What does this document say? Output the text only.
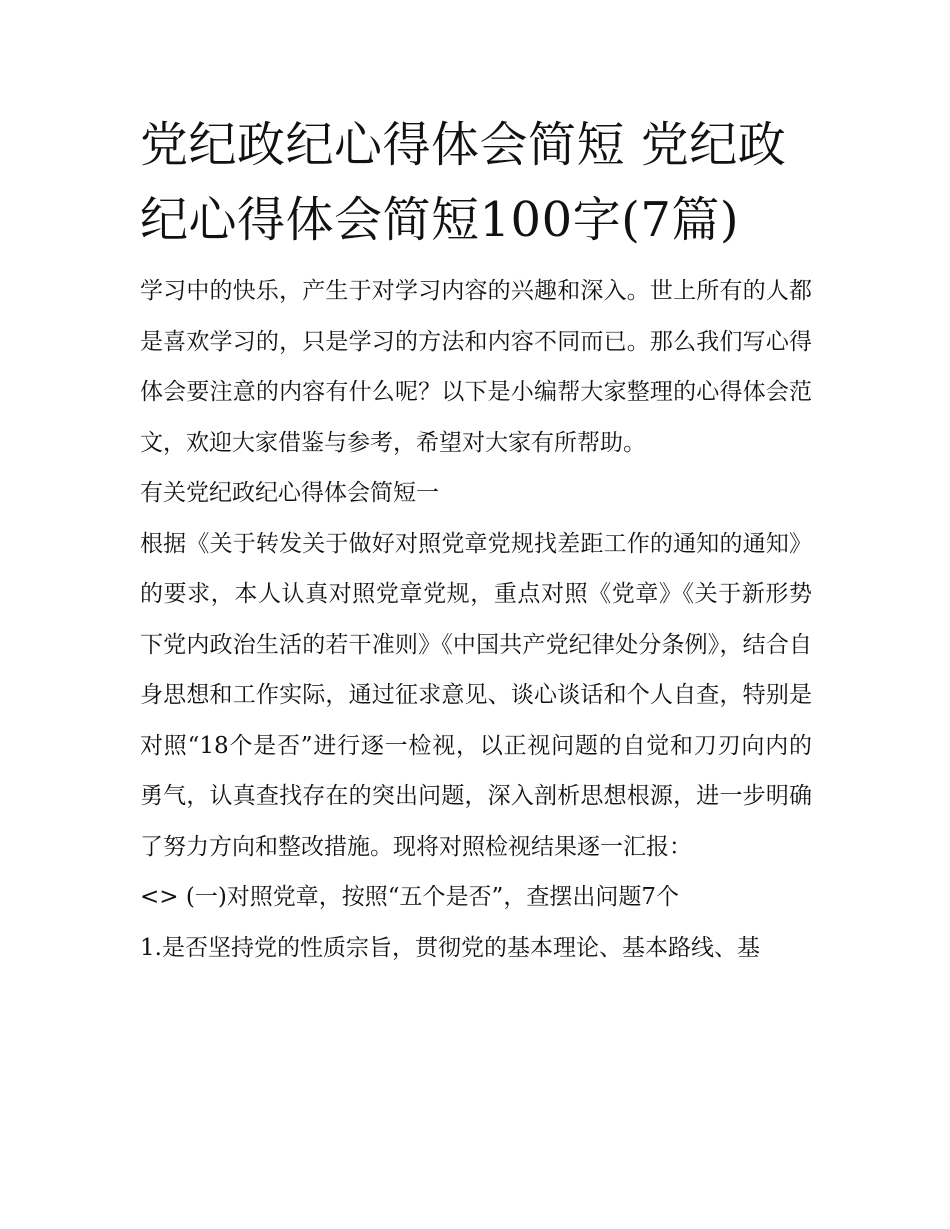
党纪政纪心得体会简短 党纪政纪心得体会简短100字(7篇)

学习中的快乐，产生于对学习内容的兴趣和深入。世上所有的人都是喜欢学习的，只是学习的方法和内容不同而已。那么我们写心得体会要注意的内容有什么呢？以下是小编帮大家整理的心得体会范文，欢迎大家借鉴与参考，希望对大家有所帮助。

有关党纪政纪心得体会简短一

根据《关于转发关于做好对照党章党规找差距工作的通知的通知》的要求，本人认真对照党章党规，重点对照《党章》《关于新形势下党内政治生活的若干准则》《中国共产党纪律处分条例》，结合自身思想和工作实际，通过征求意见、谈心谈话和个人自查，特别是对照“18个是否”进行逐一检视，以正视问题的自觉和刀刃向内的勇气，认真查找存在的突出问题，深入剖析思想根源，进一步明确了努力方向和整改措施。现将对照检视结果逐一汇报：

<> (一)对照党章，按照“五个是否”，查摆出问题7个

1.是否坚持党的性质宗旨，贯彻党的基本理论、基本路线、基
